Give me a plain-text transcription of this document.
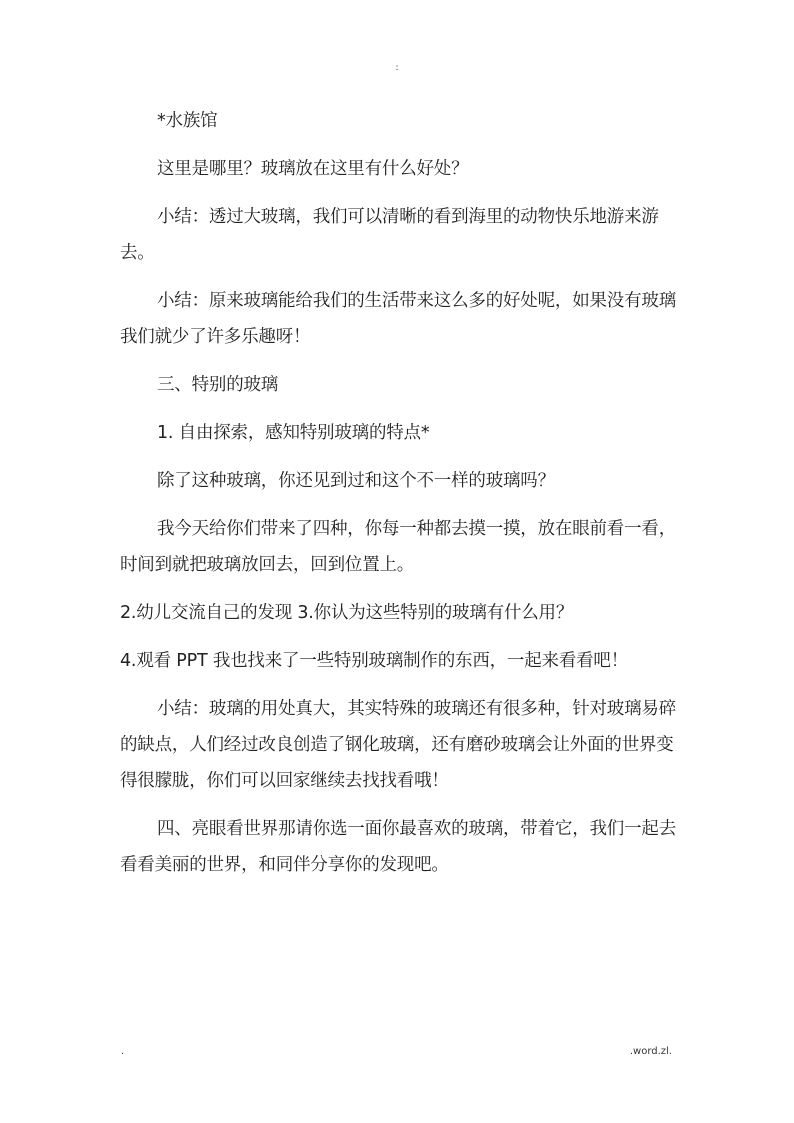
:

*水族馆

这里是哪里？玻璃放在这里有什么好处？

小结：透过大玻璃，我们可以清晰的看到海里的动物快乐地游来游去。

小结：原来玻璃能给我们的生活带来这么多的好处呢，如果没有玻璃我们就少了许多乐趣呀！

三、特别的玻璃

1. 自由探索，感知特别玻璃的特点*

除了这种玻璃，你还见到过和这个不一样的玻璃吗？

我今天给你们带来了四种，你每一种都去摸一摸，放在眼前看一看，时间到就把玻璃放回去，回到位置上。

2.幼儿交流自己的发现 3.你认为这些特别的玻璃有什么用？

4.观看 PPT 我也找来了一些特别玻璃制作的东西，一起来看看吧！

小结：玻璃的用处真大，其实特殊的玻璃还有很多种，针对玻璃易碎的缺点，人们经过改良创造了钢化玻璃，还有磨砂玻璃会让外面的世界变得很朦胧，你们可以回家继续去找找看哦！

四、亮眼看世界那请你选一面你最喜欢的玻璃，带着它，我们一起去看看美丽的世界，和同伴分享你的发现吧。

.	.word.zl.
